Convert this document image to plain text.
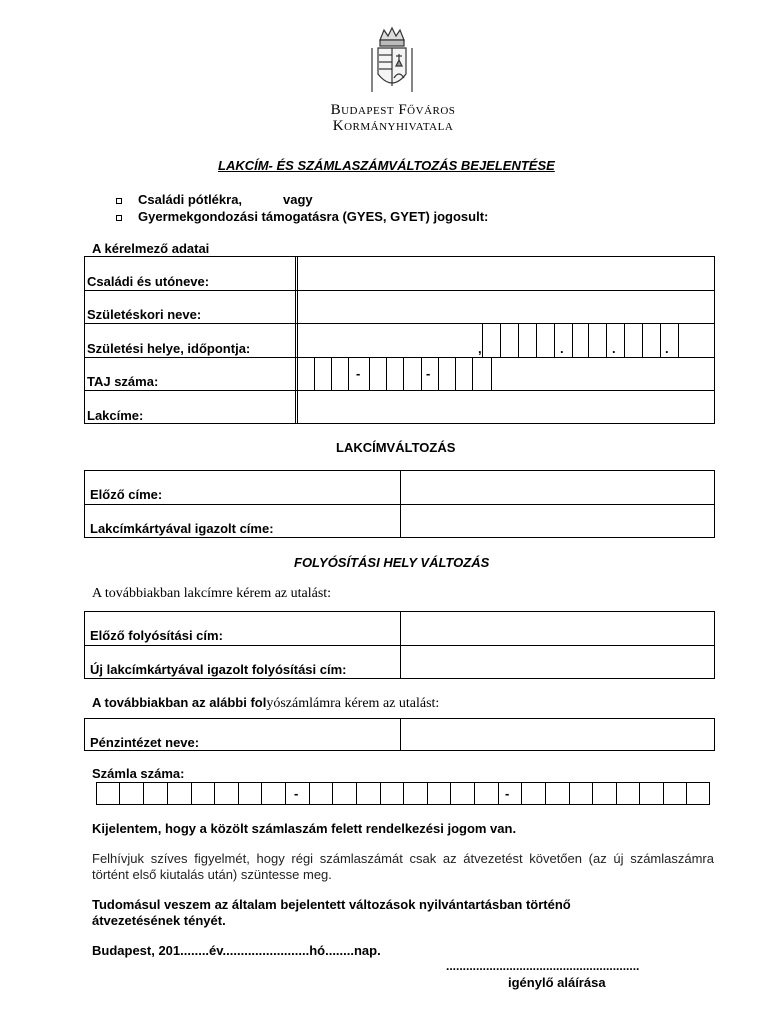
Budapest Főváros
Kormányhivatala
LAKCÍM- ÉS SZÁMLASZÁMVÁLTOZÁS BEJELENTÉSE
Családi pótlékra,	vagy
Gyermekgondozási támogatásra (GYES, GYET) jogosult:
A kérelmező adatai
Családi és utóneve:
Születéskori neve:
Születési helye, időpontja:	,	.	.	.
TAJ száma:
-	-
Lakcíme:
LAKCÍMVÁLTOZÁS
Előző címe:
Lakcímkártyával igazolt címe:
FOLYÓSÍTÁSI HELY VÁLTOZÁS
A továbbiakban lakcímre kérem az utalást:
Előző folyósítási cím:
Új lakcímkártyával igazolt folyósítási cím:
A továbbiakban az alábbi folyószámlámra kérem az utalást:
Pénzintézet neve:
Számla száma:
-	-
Kijelentem, hogy a közölt számlaszám felett rendelkezési jogom van.
Felhívjuk szíves figyelmét, hogy régi számlaszámát csak az átvezetést követően (az új számlaszámra történt első kiutalás után) szüntesse meg.
Tudomásul veszem az általam bejelentett változások nyilvántartásban történő átvezetésének tényét.
Budapest, 201........év........................hó........nap.
..........................................................
igénylő aláírása
